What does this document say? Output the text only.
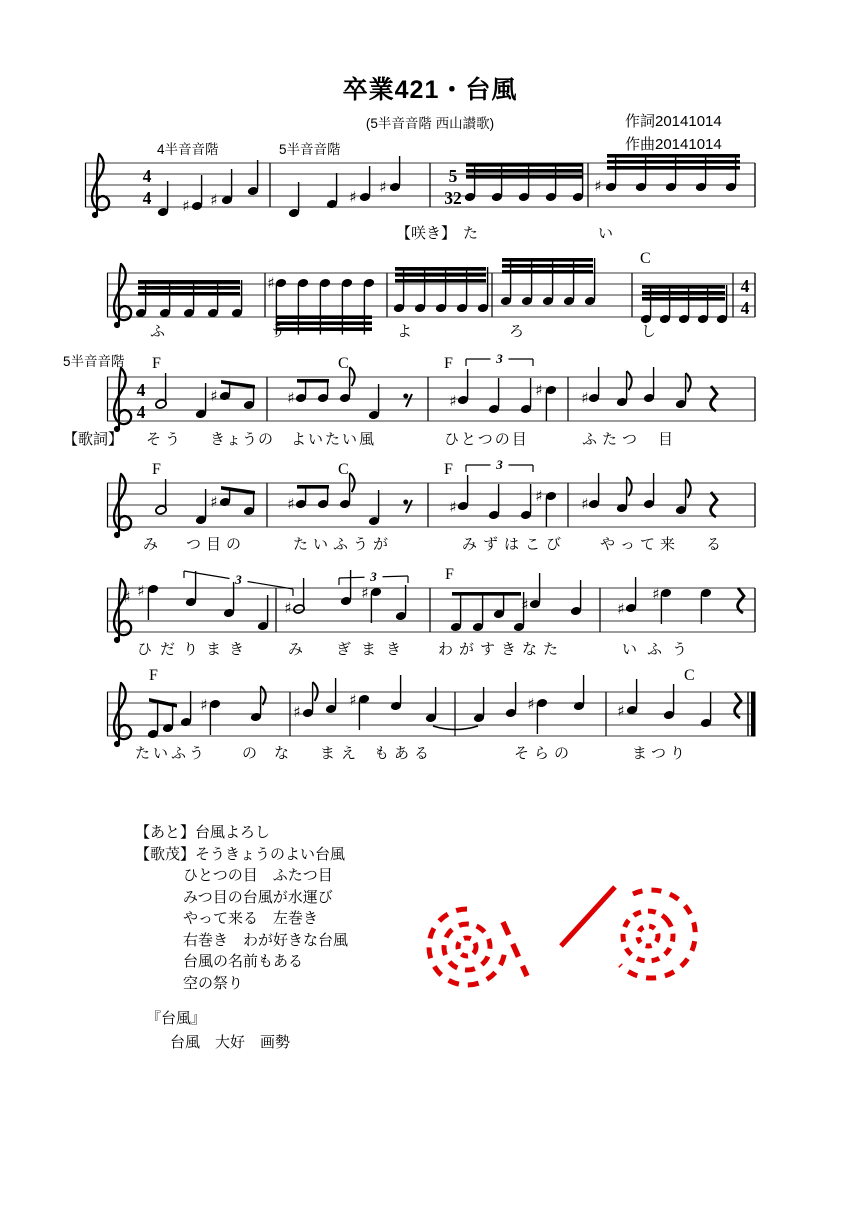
卒業421・台風
(5半音音階 西山讃歌)	作詞20141014
作曲20141014
4
4
5
32
♯ ♯	♯
♯	♯
4
4
♯
4
4
♯	♯	♯
♯	♯
3
♯	♯	♯
♯	♯
3
♯ ♯
♯
♯
♯	♯
♯
3	3
♯	♯
♯	♯	♯
4半音音階	5半音音階
5半音音階
C
F	C	F
F	C	F
F
F	C
【咲き】 た	い
ふ	う	よ	ろ	し
【歌詞】 そう きょうの よいたい風	ひとつの目	ふたつ 目
み つ目の	たいふうが	みずはこび やって来 る
ひだりまき み ぎまき わがすきなた	いふう
たいふう の な まえ もある	そらの	まつり
【あと】台風よろし
【歌茂】そうきょうのよい台風
ひとつの目　ふたつ目
みつ目の台風が水運び
やって来る　左巻き
右巻き　わが好きな台風
台風の名前もある
空の祭り
『台風』
台風　大好　画勢
